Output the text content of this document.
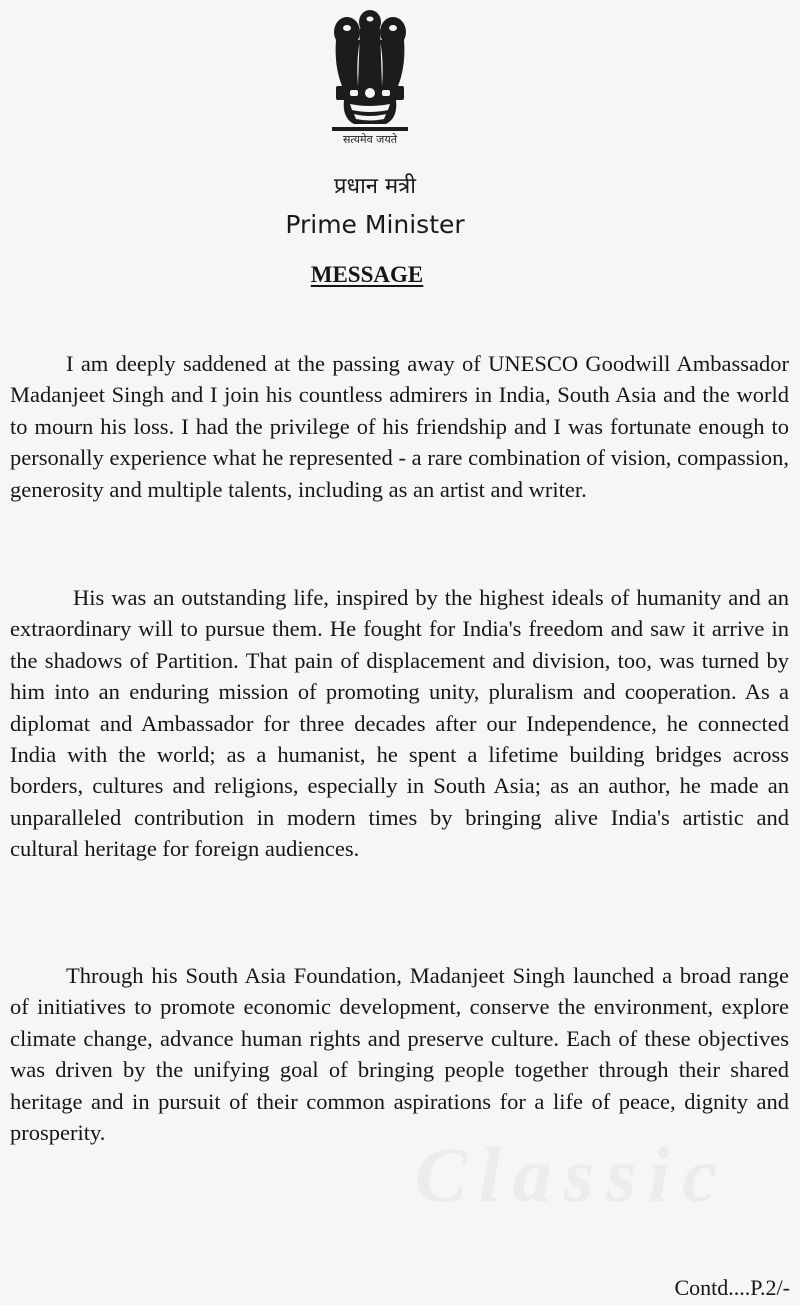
सत्यमेव जयते
प्रधान मत्री
Prime Minister
MESSAGE

I am deeply saddened at the passing away of UNESCO Goodwill Ambassador Madanjeet Singh and I join his countless admirers in India, South Asia and the world to mourn his loss. I had the privilege of his friendship and I was fortunate enough to personally experience what he represented - a rare combination of vision, compassion, generosity and multiple talents, including as an artist and writer.

His was an outstanding life, inspired by the highest ideals of humanity and an extraordinary will to pursue them. He fought for India's freedom and saw it arrive in the shadows of Partition. That pain of displacement and division, too, was turned by him into an enduring mission of promoting unity, pluralism and cooperation. As a diplomat and Ambassador for three decades after our Independence, he connected India with the world; as a humanist, he spent a lifetime building bridges across borders, cultures and religions, especially in South Asia; as an author, he made an unparalleled contribution in modern times by bringing alive India's artistic and cultural heritage for foreign audiences.

Through his South Asia Foundation, Madanjeet Singh launched a broad range of initiatives to promote economic development, conserve the environment, explore climate change, advance human rights and preserve culture. Each of these objectives was driven by the unifying goal of bringing people together through their shared heritage and in pursuit of their common aspirations for a life of peace, dignity and prosperity.	Classic
Contd....P.2/-
